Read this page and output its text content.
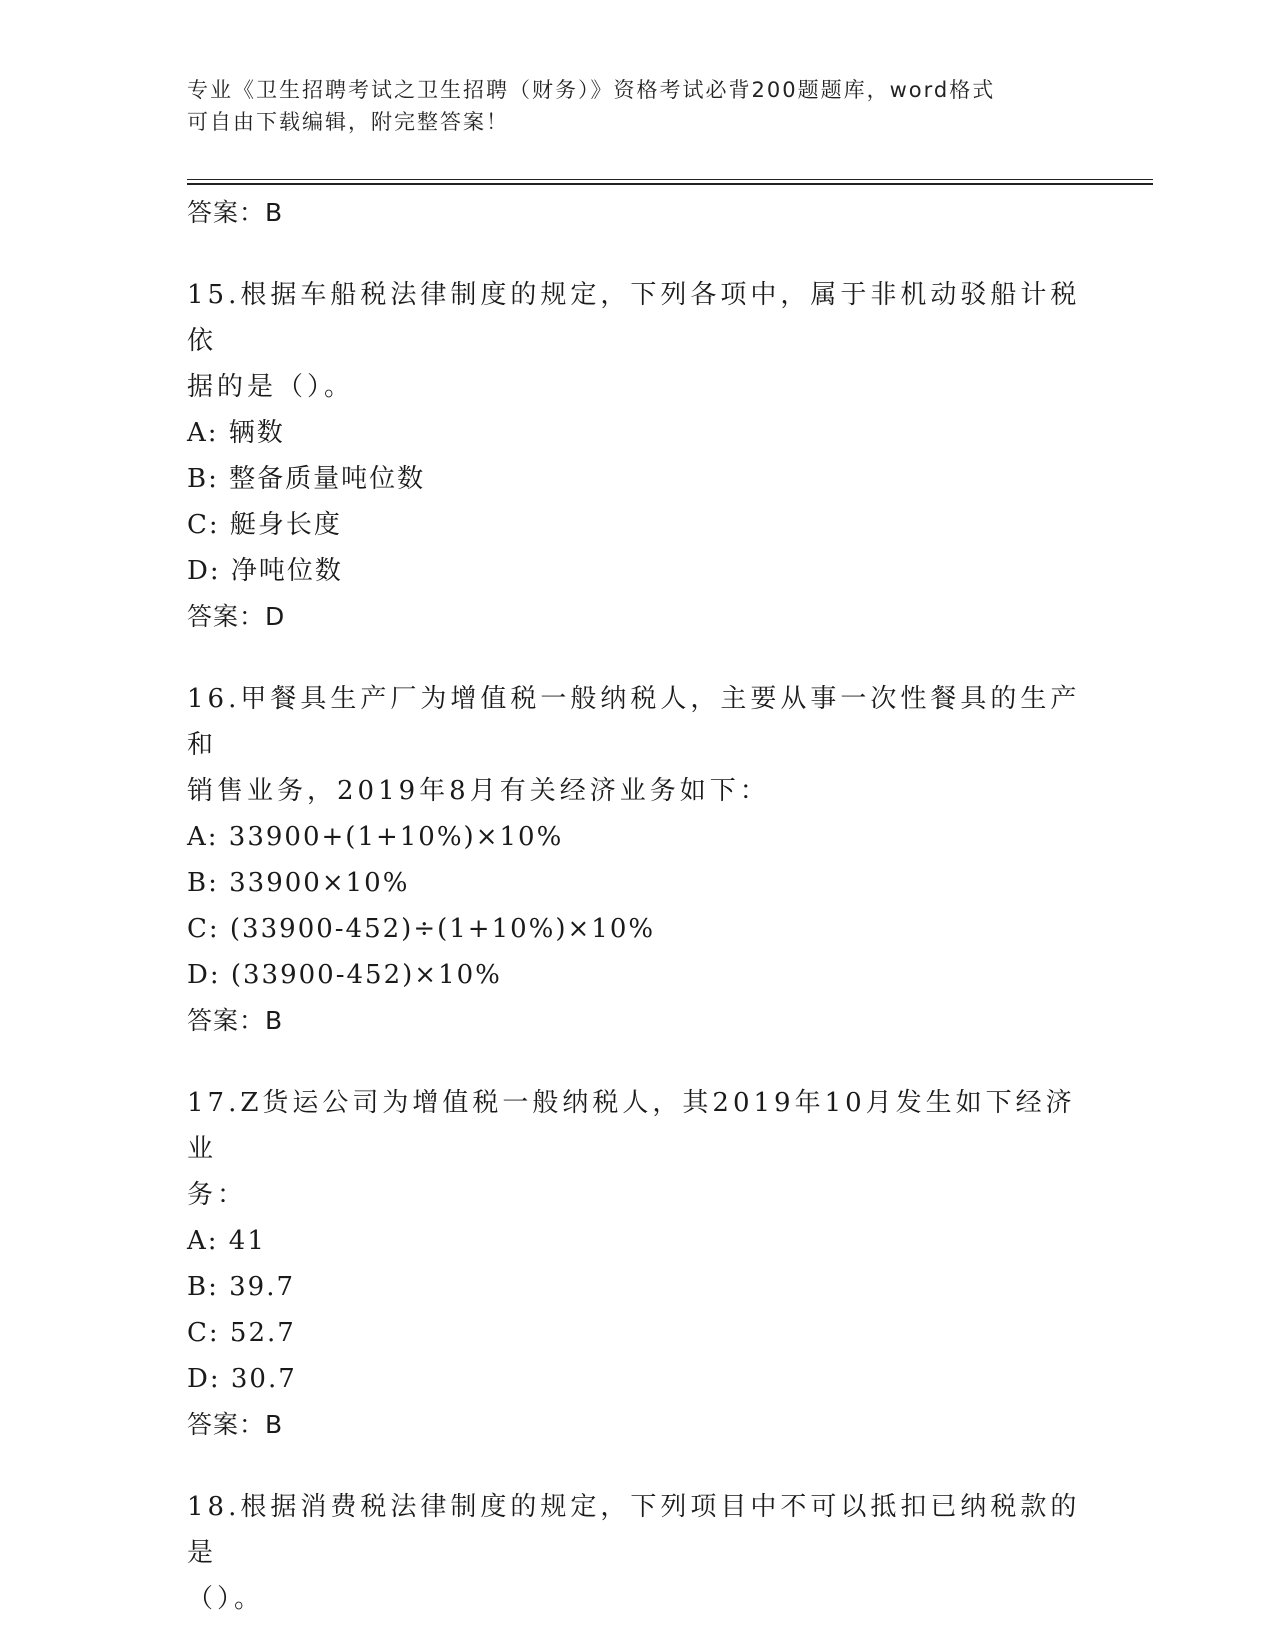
专业《卫生招聘考试之卫生招聘（财务）》资格考试必背200题题库，word格式
可自由下载编辑，附完整答案！
答案：B
15.根据车船税法律制度的规定，下列各项中，属于非机动驳船计税依
据的是（）。
A: 辆数
B: 整备质量吨位数
C: 艇身长度
D: 净吨位数
答案：D
16.甲餐具生产厂为增值税一般纳税人，主要从事一次性餐具的生产和
销售业务，2019年8月有关经济业务如下：
A: 33900+(1+10%)×10%
B: 33900×10%
C: (33900-452)÷(1+10%)×10%
D: (33900-452)×10%
答案：B
17.Z货运公司为增值税一般纳税人，其2019年10月发生如下经济业
务：
A: 41
B: 39.7
C: 52.7
D: 30.7
答案：B
18.根据消费税法律制度的规定，下列项目中不可以抵扣已纳税款的是
（）。
